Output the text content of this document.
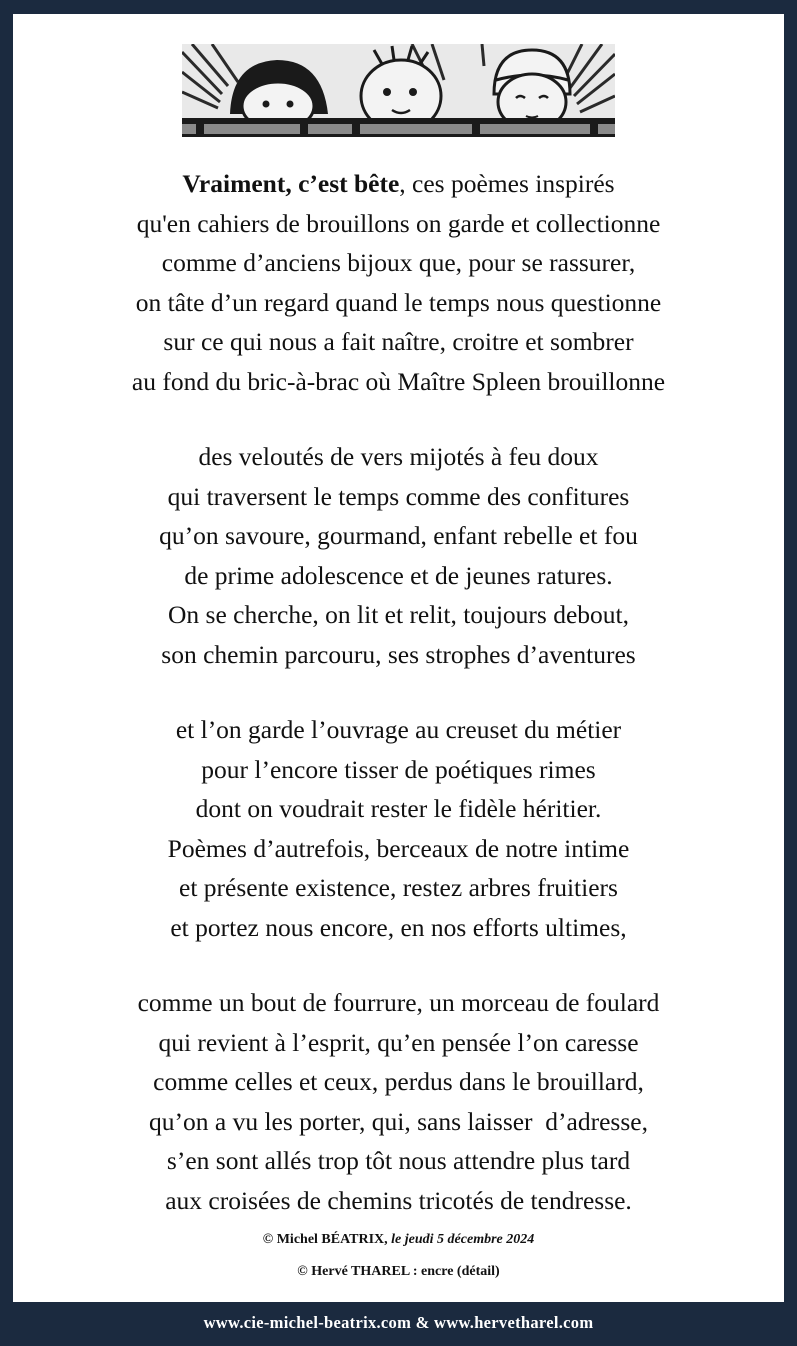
Vraiment, c’est bête, ces poèmes inspirés
qu'en cahiers de brouillons on garde et collectionne
comme d’anciens bijoux que, pour se rassurer,
on tâte d’un regard quand le temps nous questionne
sur ce qui nous a fait naître, croitre et sombrer
au fond du bric-à-brac où Maître Spleen brouillonne
des veloutés de vers mijotés à feu doux
qui traversent le temps comme des confitures
qu’on savoure, gourmand, enfant rebelle et fou
de prime adolescence et de jeunes ratures.
On se cherche, on lit et relit, toujours debout,
son chemin parcouru, ses strophes d’aventures
et l’on garde l’ouvrage au creuset du métier
pour l’encore tisser de poétiques rimes
dont on voudrait rester le fidèle héritier.
Poèmes d’autrefois, berceaux de notre intime
et présente existence, restez arbres fruitiers
et portez nous encore, en nos efforts ultimes,
comme un bout de fourrure, un morceau de foulard
qui revient à l’esprit, qu’en pensée l’on caresse
comme celles et ceux, perdus dans le brouillard,
qu’on a vu les porter, qui, sans laisser  d’adresse,
s’en sont allés trop tôt nous attendre plus tard
aux croisées de chemins tricotés de tendresse.
© Michel BÉATRIX, le jeudi 5 décembre 2024
© Hervé THAREL : encre (détail)
www.cie-michel-beatrix.com & www.hervetharel.com
